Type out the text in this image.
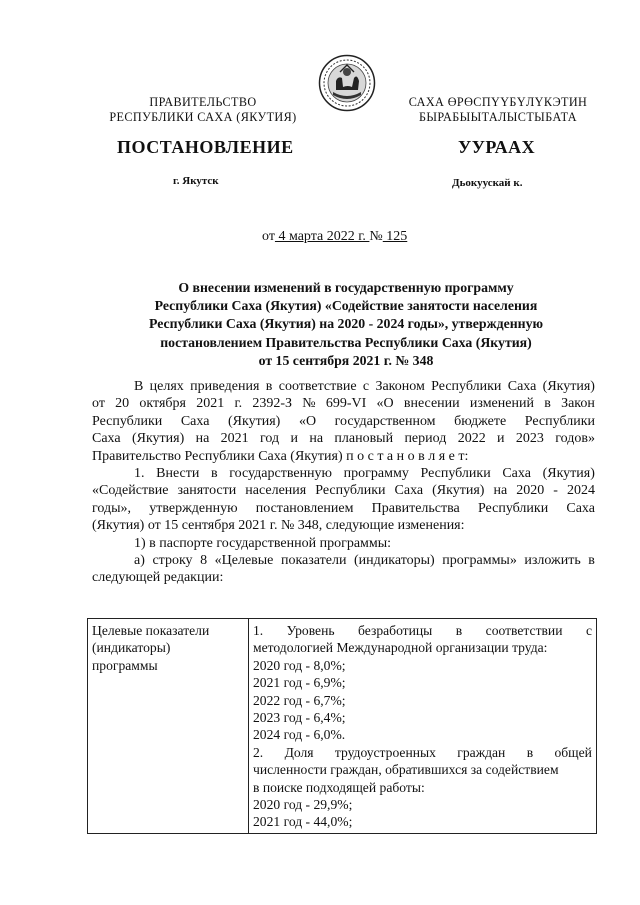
ПРАВИТЕЛЬСТВО
РЕСПУБЛИКИ САХА (ЯКУТИЯ)
САХА ӨРӨСПҮҮБҮЛҮКЭТИН
БЫРАБЫЫТАЛЫСТЫБАТА
ПОСТАНОВЛЕНИЕ	УУРААХ
г. Якутск	Дьокуускай к.
от 4 марта 2022 г. № 125
О внесении изменений в государственную программу
Республики Саха (Якутия) «Содействие занятости населения
Республики Саха (Якутия) на 2020 - 2024 годы», утвержденную
постановлением Правительства Республики Саха (Якутия)
от 15 сентября 2021 г. № 348
В целях приведения в соответствие с Законом Республики Саха (Якутия)
от 20 октября 2021 г. 2392-З № 699-VI «О внесении изменений в Закон
Республики Саха (Якутия) «О государственном бюджете Республики
Саха (Якутия) на 2021 год и на плановый период 2022 и 2023 годов»
Правительство Республики Саха (Якутия)
п о с т а н о в л я е т:
1. Внести в государственную программу Республики Саха (Якутия)
«Содействие занятости населения Республики Саха (Якутия) на 2020 - 2024
годы», утвержденную постановлением Правительства Республики Саха
(Якутия) от 15 сентября 2021 г. № 348, следующие изменения:
1) в паспорте государственной программы:
а) строку 8 «Целевые показатели (индикаторы) программы» изложить в
следующей редакции:
Целевые показатели
(индикаторы)
программы

1. Уровень безработицы в соответствии с
методологией Международной организации труда:
2020 год - 8,0%;
2021 год - 6,9%;
2022 год - 6,7%;
2023 год - 6,4%;
2024 год - 6,0%.
2. Доля трудоустроенных граждан в общей
численности граждан, обратившихся за содействием
в поиске подходящей работы:
2020 год - 29,9%;
2021 год - 44,0%;
